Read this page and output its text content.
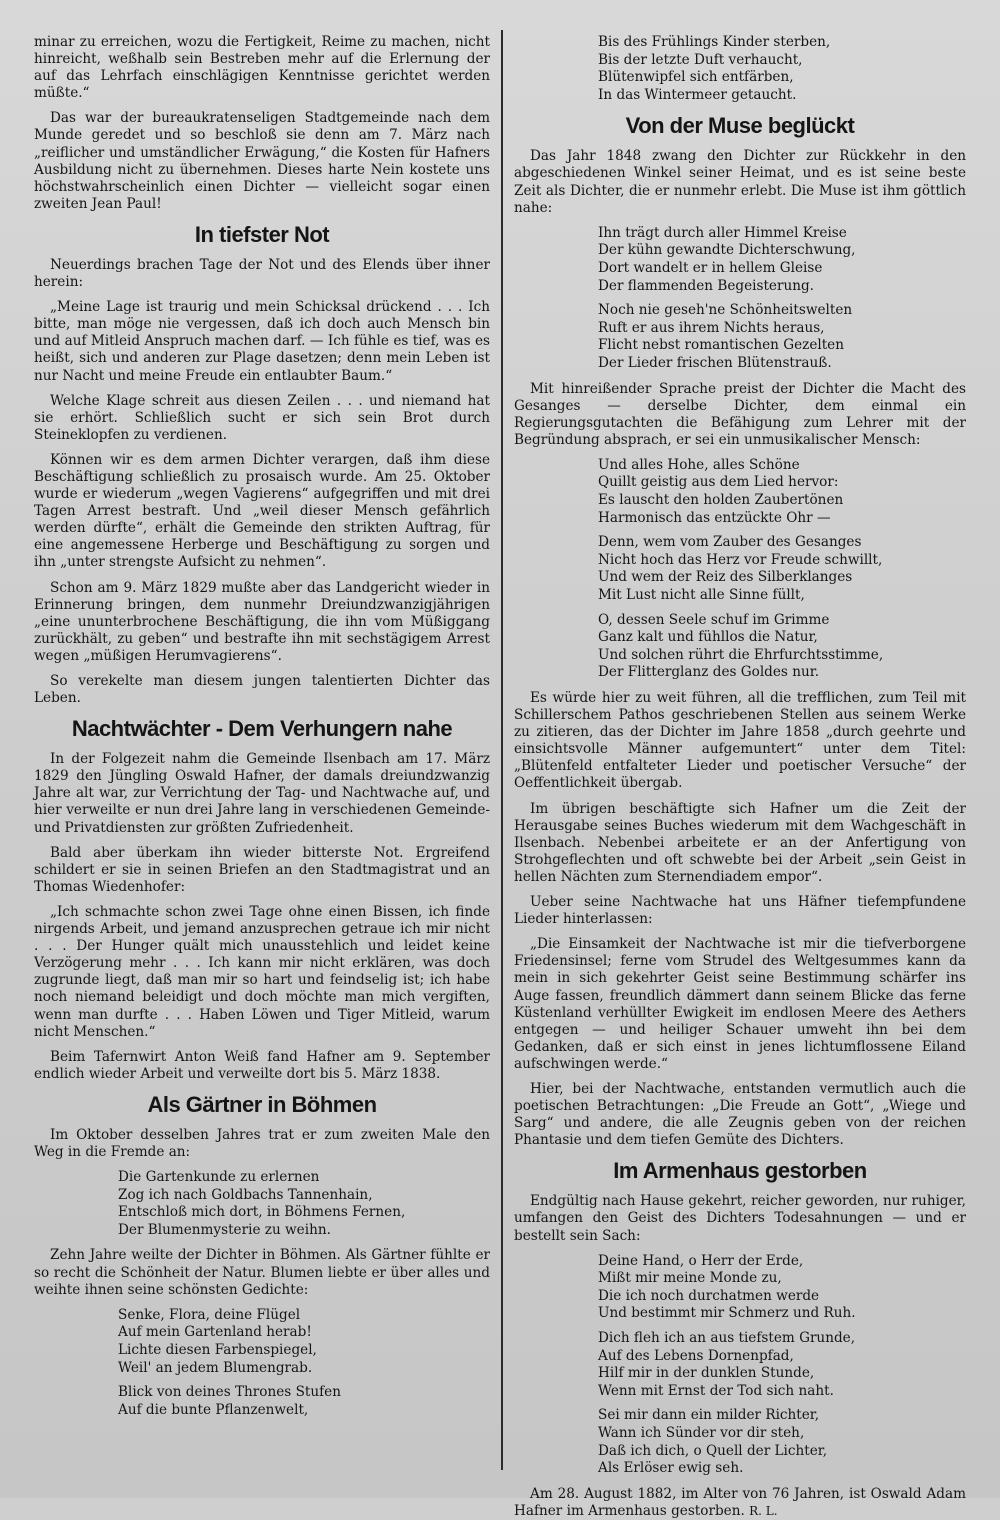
minar zu erreichen, wozu die Fertigkeit, Reime zu machen, nicht hinreicht, weßhalb sein Bestreben mehr auf die Erlernung der auf das Lehrfach einschlägigen Kenntnisse gerichtet werden müßte.“

Das war der bureaukratenseligen Stadtgemeinde nach dem Munde geredet und so beschloß sie denn am 7. März nach „reiflicher und umständlicher Erwägung,“ die Kosten für Hafners Ausbildung nicht zu übernehmen. Dieses harte Nein kostete uns höchstwahrscheinlich einen Dichter — vielleicht sogar einen zweiten Jean Paul!

In tiefster Not

Neuerdings brachen Tage der Not und des Elends über ihner herein:

„Meine Lage ist traurig und mein Schicksal drückend . . . Ich bitte, man möge nie vergessen, daß ich doch auch Mensch bin und auf Mitleid Anspruch machen darf. — Ich fühle es tief, was es heißt, sich und anderen zur Plage dasetzen; denn mein Leben ist nur Nacht und meine Freude ein entlaubter Baum.“

Welche Klage schreit aus diesen Zeilen . . . und niemand hat sie erhört. Schließlich sucht er sich sein Brot durch Steineklopfen zu verdienen.

Können wir es dem armen Dichter verargen, daß ihm diese Beschäftigung schließlich zu prosaisch wurde. Am 25. Oktober wurde er wiederum „wegen Vagierens“ aufgegriffen und mit drei Tagen Arrest bestraft. Und „weil dieser Mensch gefährlich werden dürfte“, erhält die Gemeinde den strikten Auftrag, für eine angemessene Herberge und Beschäftigung zu sorgen und ihn „unter strengste Aufsicht zu nehmen“.

Schon am 9. März 1829 mußte aber das Landgericht wieder in Erinnerung bringen, dem nunmehr Dreiundzwanzigjährigen „eine ununterbrochene Beschäftigung, die ihn vom Müßiggang zurückhält, zu geben“ und bestrafte ihn mit sechstägigem Arrest wegen „müßigen Herumvagierens“.

So verekelte man diesem jungen talentierten Dichter das Leben.

Nachtwächter - Dem Verhungern nahe

In der Folgezeit nahm die Gemeinde Ilsenbach am 17. März 1829 den Jüngling Oswald Hafner, der damals dreiundzwanzig Jahre alt war, zur Verrichtung der Tag- und Nachtwache auf, und hier verweilte er nun drei Jahre lang in verschiedenen Gemeinde- und Privatdiensten zur größten Zufriedenheit.

Bald aber überkam ihn wieder bitterste Not. Ergreifend schildert er sie in seinen Briefen an den Stadtmagistrat und an Thomas Wiedenhofer:

„Ich schmachte schon zwei Tage ohne einen Bissen, ich finde nirgends Arbeit, und jemand anzusprechen getraue ich mir nicht . . . Der Hunger quält mich unausstehlich und leidet keine Verzögerung mehr . . . Ich kann mir nicht erklären, was doch zugrunde liegt, daß man mir so hart und feindselig ist; ich habe noch niemand beleidigt und doch möchte man mich vergiften, wenn man durfte . . . Haben Löwen und Tiger Mitleid, warum nicht Menschen.“

Beim Tafernwirt Anton Weiß fand Hafner am 9. September endlich wieder Arbeit und verweilte dort bis 5. März 1838.

Als Gärtner in Böhmen

Im Oktober desselben Jahres trat er zum zweiten Male den Weg in die Fremde an:

Die Gartenkunde zu erlernen
Zog ich nach Goldbachs Tannenhain,
Entschloß mich dort, in Böhmens Fernen,
Der Blumenmysterie zu weihn.

Zehn Jahre weilte der Dichter in Böhmen. Als Gärtner fühlte er so recht die Schönheit der Natur. Blumen liebte er über alles und weihte ihnen seine schönsten Gedichte:

Senke, Flora, deine Flügel
Auf mein Gartenland herab!
Lichte diesen Farbenspiegel,
Weil' an jedem Blumengrab.
Blick von deines Thrones Stufen
Auf die bunte Pflanzenwelt,
Bis des Frühlings Kinder sterben,
Bis der letzte Duft verhaucht,
Blütenwipfel sich entfärben,
In das Wintermeer getaucht.
Von der Muse beglückt

Das Jahr 1848 zwang den Dichter zur Rückkehr in den abgeschiedenen Winkel seiner Heimat, und es ist seine beste Zeit als Dichter, die er nunmehr erlebt. Die Muse ist ihm göttlich nahe:

Ihn trägt durch aller Himmel Kreise
Der kühn gewandte Dichterschwung,
Dort wandelt er in hellem Gleise
Der flammenden Begeisterung.
Noch nie geseh'ne Schönheitswelten
Ruft er aus ihrem Nichts heraus,
Flicht nebst romantischen Gezelten
Der Lieder frischen Blütenstrauß.

Mit hinreißender Sprache preist der Dichter die Macht des Gesanges — derselbe Dichter, dem einmal ein Regierungsgutachten die Befähigung zum Lehrer mit der Begründung absprach, er sei ein unmusikalischer Mensch:

Und alles Hohe, alles Schöne
Quillt geistig aus dem Lied hervor:
Es lauscht den holden Zaubertönen
Harmonisch das entzückte Ohr —
Denn, wem vom Zauber des Gesanges
Nicht hoch das Herz vor Freude schwillt,
Und wem der Reiz des Silberklanges
Mit Lust nicht alle Sinne füllt,
O, dessen Seele schuf im Grimme
Ganz kalt und fühllos die Natur,
Und solchen rührt die Ehrfurchtsstimme,
Der Flitterglanz des Goldes nur.

Es würde hier zu weit führen, all die trefflichen, zum Teil mit Schillerschem Pathos geschriebenen Stellen aus seinem Werke zu zitieren, das der Dichter im Jahre 1858 „durch geehrte und einsichtsvolle Männer aufgemuntert“ unter dem Titel: „Blütenfeld entfalteter Lieder und poetischer Versuche“ der Oeffentlichkeit übergab.

Im übrigen beschäftigte sich Hafner um die Zeit der Herausgabe seines Buches wiederum mit dem Wachgeschäft in Ilsenbach. Nebenbei arbeitete er an der Anfertigung von Strohgeflechten und oft schwebte bei der Arbeit „sein Geist in hellen Nächten zum Sternendiadem empor“.

Ueber seine Nachtwache hat uns Häfner tiefempfundene Lieder hinterlassen:

„Die Einsamkeit der Nachtwache ist mir die tiefverborgene Friedensinsel; ferne vom Strudel des Weltgesummes kann da mein in sich gekehrter Geist seine Bestimmung schärfer ins Auge fassen, freundlich dämmert dann seinem Blicke das ferne Küstenland verhüllter Ewigkeit im endlosen Meere des Aethers entgegen — und heiliger Schauer umweht ihn bei dem Gedanken, daß er sich einst in jenes lichtumflossene Eiland aufschwingen werde.“

Hier, bei der Nachtwache, entstanden vermutlich auch die poetischen Betrachtungen: „Die Freude an Gott“, „Wiege und Sarg“ und andere, die alle Zeugnis geben von der reichen Phantasie und dem tiefen Gemüte des Dichters.

Im Armenhaus gestorben

Endgültig nach Hause gekehrt, reicher geworden, nur ruhiger, umfangen den Geist des Dichters Todesahnungen — und er bestellt sein Sach:

Deine Hand, o Herr der Erde,
Mißt mir meine Monde zu,
Die ich noch durchatmen werde
Und bestimmt mir Schmerz und Ruh.
Dich fleh ich an aus tiefstem Grunde,
Auf des Lebens Dornenpfad,
Hilf mir in der dunklen Stunde,
Wenn mit Ernst der Tod sich naht.
Sei mir dann ein milder Richter,
Wann ich Sünder vor dir steh,
Daß ich dich, o Quell der Lichter,
Als Erlöser ewig seh.

Am 28. August 1882, im Alter von 76 Jahren, ist Oswald Adam Hafner im Armenhaus gestorben. R. L.
